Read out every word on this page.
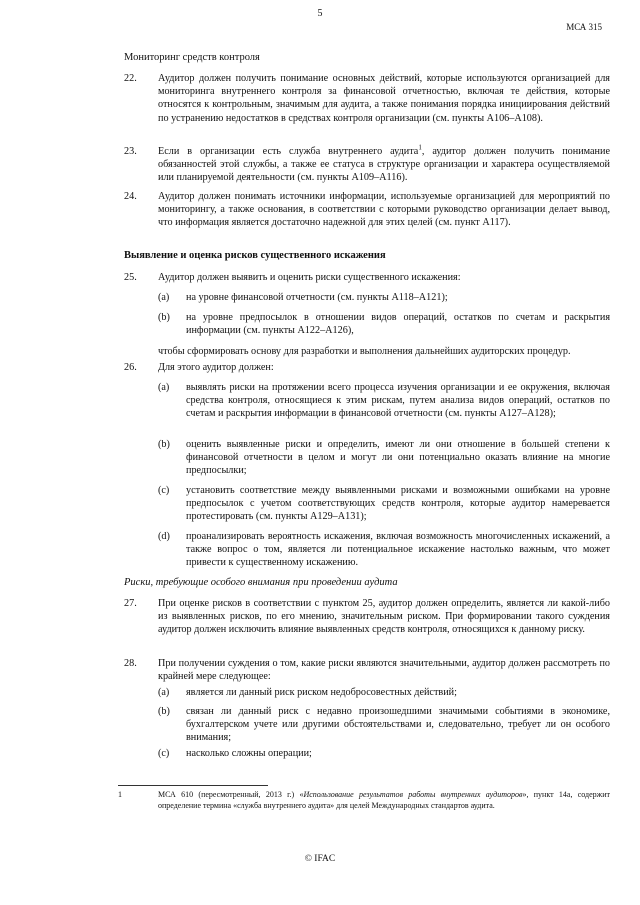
5
МСА 315
Мониторинг средств контроля
22. Аудитор должен получить понимание основных действий, которые используются организацией для мониторинга внутреннего контроля за финансовой отчетностью, включая те действия, которые относятся к контрольным, значимым для аудита, а также понимания порядка инициирования действий по устранению недостатков в средствах контроля организации (см. пункты А106–А108).
23. Если в организации есть служба внутреннего аудита$^1$, аудитор должен получить понимание обязанностей этой службы, а также ее статуса в структуре организации и характера осуществляемой или планируемой деятельности (см. пункты А109–А116).
24. Аудитор должен понимать источники информации, используемые организацией для мероприятий по мониторингу, а также основания, в соответствии с которыми руководство организации делает вывод, что информация является достаточно надежной для этих целей (см. пункт А117).
Выявление и оценка рисков существенного искажения
25. Аудитор должен выявить и оценить риски существенного искажения:
(a) на уровне финансовой отчетности (см. пункты А118–А121);
(b) на уровне предпосылок в отношении видов операций, остатков по счетам и раскрытия информации (см. пункты А122–А126),
чтобы сформировать основу для разработки и выполнения дальнейших аудиторских процедур.
26. Для этого аудитор должен:
(a) выявлять риски на протяжении всего процесса изучения организации и ее окружения, включая средства контроля, относящиеся к этим рискам, путем анализа видов операций, остатков по счетам и раскрытия информации в финансовой отчетности (см. пункты А127–А128);
(b) оценить выявленные риски и определить, имеют ли они отношение в большей степени к финансовой отчетности в целом и могут ли они потенциально оказать влияние на многие предпосылки;
(c) установить соответствие между выявленными рисками и возможными ошибками на уровне предпосылок с учетом соответствующих средств контроля, которые аудитор намеревается протестировать (см. пункты А129–А131);
(d) проанализировать вероятность искажения, включая возможность многочисленных искажений, а также вопрос о том, является ли потенциальное искажение настолько важным, что может привести к существенному искажению.
Риски, требующие особого внимания при проведении аудита
27. При оценке рисков в соответствии с пунктом 25, аудитор должен определить, является ли какой-либо из выявленных рисков, по его мнению, значительным риском. При формировании такого суждения аудитор должен исключить влияние выявленных средств контроля, относящихся к данному риску.
28. При получении суждения о том, какие риски являются значительными, аудитор должен рассмотреть по крайней мере следующее:
(a) является ли данный риск риском недобросовестных действий;
(b) связан ли данный риск с недавно произошедшими значимыми событиями в экономике, бухгалтерском учете или другими обстоятельствами и, следовательно, требует ли он особого внимания;
(c) насколько сложны операции;
1	МСА 610 (пересмотренный, 2013 г.) «Использование результатов работы внутренних аудиторов», пункт 14а, содержит определение термина «служба внутреннего аудита» для целей Международных стандартов аудита.
© IFAC
